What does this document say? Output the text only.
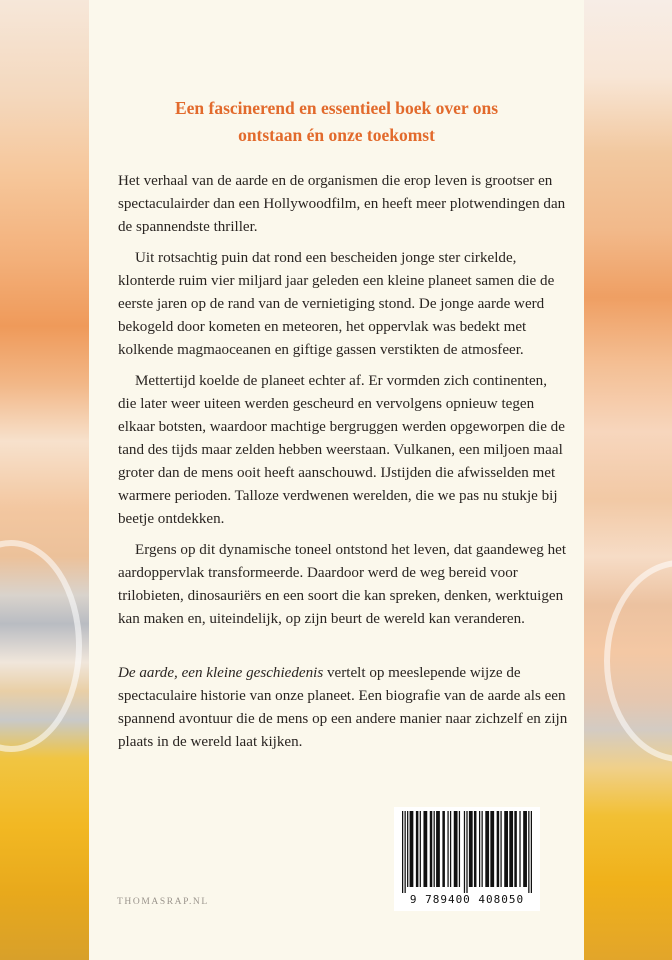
Een fascinerend en essentieel boek over ons
ontstaan én onze toekomst

Het verhaal van de aarde en de organismen die erop leven is grootser en spectaculairder dan een Hollywoodfilm, en heeft meer plotwendingen dan de spannendste thriller.

Uit rotsachtig puin dat rond een bescheiden jonge ster cirkelde, klonterde ruim vier miljard jaar geleden een kleine planeet samen die de eerste jaren op de rand van de vernietiging stond. De jonge aarde werd bekogeld door kometen en meteoren, het oppervlak was bedekt met kolkende magmaoceanen en giftige gassen verstikten de atmosfeer.

Mettertijd koelde de planeet echter af. Er vormden zich continenten, die later weer uiteen werden gescheurd en vervolgens opnieuw tegen elkaar botsten, waardoor machtige bergruggen werden opgeworpen die de tand des tijds maar zelden hebben weerstaan. Vulkanen, een miljoen maal groter dan de mens ooit heeft aanschouwd. IJstijden die afwisselden met warmere perioden. Talloze verdwenen werelden, die we pas nu stukje bij beetje ontdekken.

Ergens op dit dynamische toneel ontstond het leven, dat gaandeweg het aardoppervlak transformeerde. Daardoor werd de weg bereid voor trilobieten, dinosauriërs en een soort die kan spreken, denken, werktuigen kan maken en, uiteindelijk, op zijn beurt de wereld kan veranderen.

De aarde, een kleine geschiedenis vertelt op meeslepende wijze de spectaculaire historie van onze planeet. Een biografie van de aarde als een spannend avontuur die de mens op een andere manier naar zichzelf en zijn plaats in de wereld laat kijken.

THOMASRAP.NL	9 789400 408050
